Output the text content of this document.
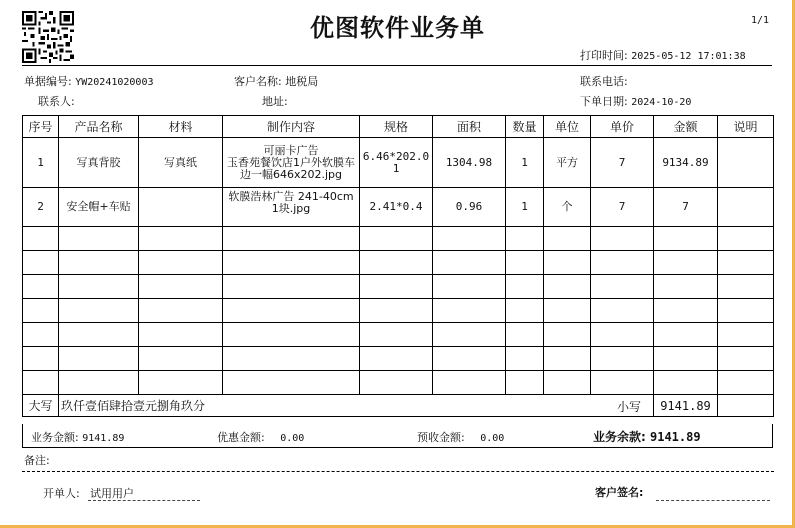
优图软件业务单	1/1
打印时间: 2025-05-12 17:01:38
单据编号: YW20241020003	客户名称: 地税局	联系电话:
联系人:	地址:	下单日期: 2024-10-20
序号	产品名称	材料	制作内容	规格	面积	数量	单位	单价	金额	说明
1	写真背胶	写真纸	可丽卡广告
玉香苑餐饮店1户外软膜车边一幅646x202.jpg	6.46*202.01	1304.98	1	平方	7	9134.89	
2	安全帽+车贴		软膜浩林广告 241-40cm 1块.jpg	2.41*0.4	0.96	1	个	7	7	

大写	玖仟壹佰肆拾壹元捌角玖分 小写								9141.89	
业务金额: 9141.89	优惠金额: 0.00	预收金额: 0.00	业务余款: 9141.89
备注:
开单人: 试用用户	客户签名:
